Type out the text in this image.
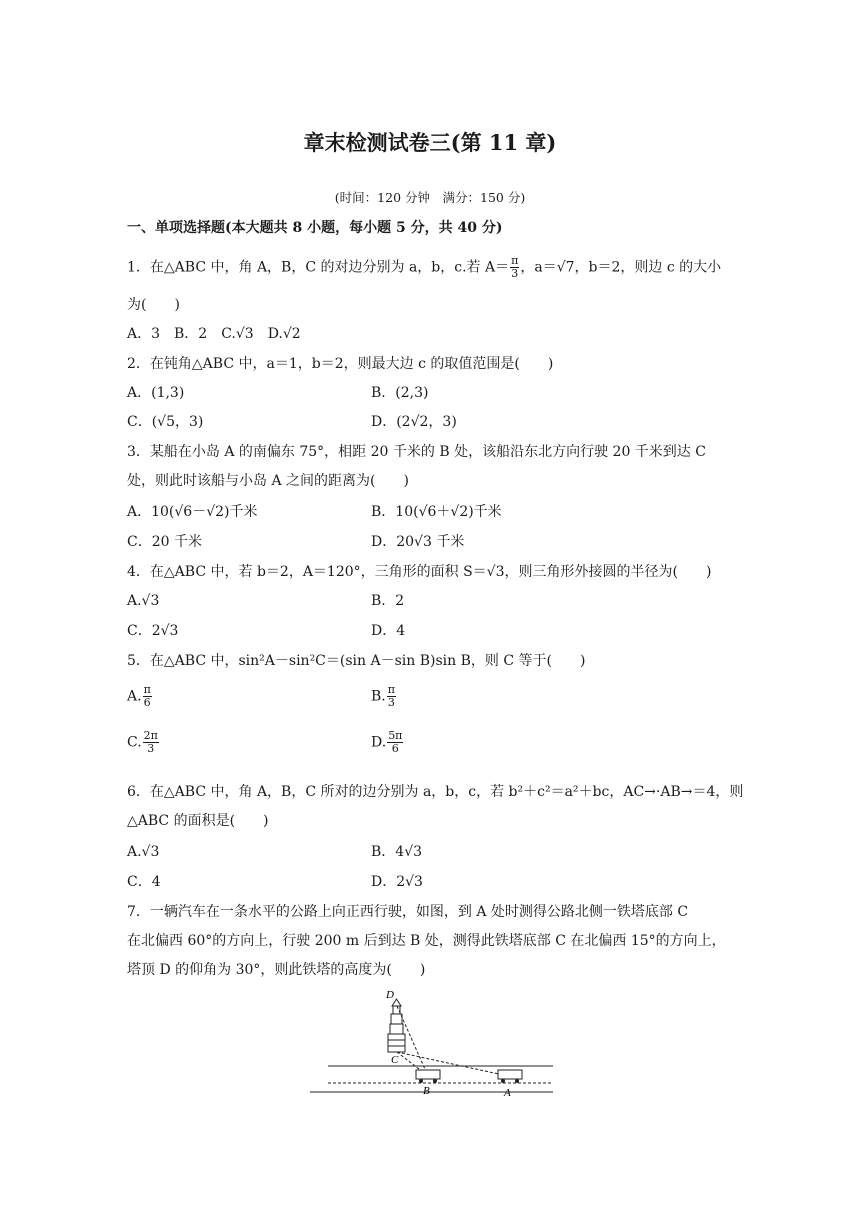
章末检测试卷三(第 11 章)
(时间：120 分钟　满分：150 分)
一、单项选择题(本大题共 8 小题，每小题 5 分，共 40 分)
1．在△ABC 中，角 A，B，C 的对边分别为 a，b，c.若 $A= \frac{\pi}{3}$ ，a＝√7，b＝2，则边 c 的大小
为(　　)
A．3　B．2　C.√3　D.√2
2．在钝角△ABC 中，a＝1，b＝2，则最大边 c 的取值范围是(　　)
A．(1,3)	B．(2,3)
C．(√5，3)	D．(2√2，3)
3．某船在小岛 A 的南偏东 75°，相距 20 千米的 B 处，该船沿东北方向行驶 20 千米到达 C
处，则此时该船与小岛 A 之间的距离为(　　)
A．10(√6－√2)千米	B．10(√6＋√2)千米
C．20 千米	D．20√3 千米
4．在△ABC 中，若 b＝2，A＝120°，三角形的面积 S＝√3，则三角形外接圆的半径为(　　)
A.√3	B．2
C．2√3	D．4
5．在△ABC 中，sin²A－sin²C＝(sin A－sin B)sin B，则 C 等于(　　)
A. $\frac{\pi}{6}$	B. $\frac{\pi}{3}$
C. $\frac{2\pi}{3}$	D. $\frac{5\pi}{6}$
6．在△ABC 中，角 A，B，C 所对的边分别为 a，b，c，若 b²＋c²＝a²＋bc，AC→·AB→＝4，则
△ABC 的面积是(　　)
A.√3	B．4√3
C．4	D．2√3
7．一辆汽车在一条水平的公路上向正西行驶，如图，到 A 处时测得公路北侧一铁塔底部 C
在北偏西 60°的方向上，行驶 200 m 后到达 B 处，测得此铁塔底部 C 在北偏西 15°的方向上，
塔顶 D 的仰角为 30°，则此铁塔的高度为(　　)
D
C
B	A
